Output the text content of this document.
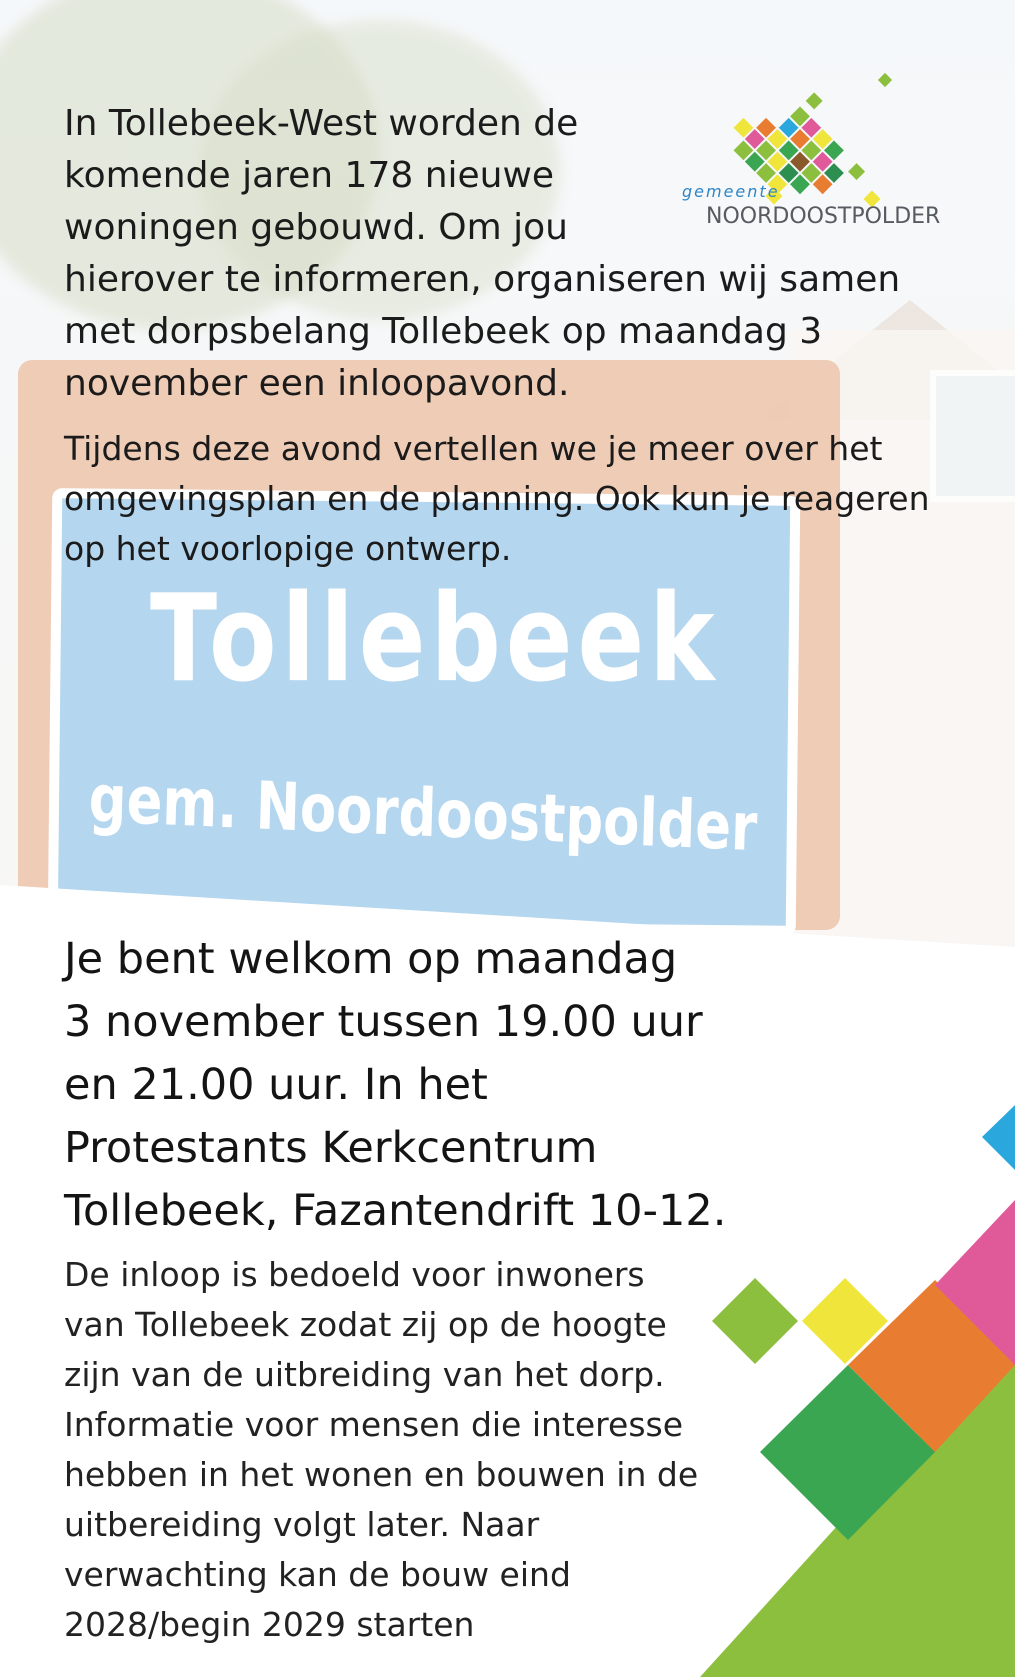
Tollebeek
gem. Noordoostpolder
gemeente
NOORDOOSTPOLDER

In Tollebeek-West worden de
komende jaren 178 nieuwe
woningen gebouwd. Om jou
hierover te informeren, organiseren wij samen
met dorpsbelang Tollebeek op maandag 3
november een inloopavond.

Tijdens deze avond vertellen we je meer over het
omgevingsplan en de planning. Ook kun je reageren
op het voorlopige ontwerp.

Je bent welkom op maandag
3 november tussen 19.00 uur
en 21.00 uur. In het
Protestants Kerkcentrum
Tollebeek, Fazantendrift 10-12.

De inloop is bedoeld voor inwoners
van Tollebeek zodat zij op de hoogte
zijn van de uitbreiding van het dorp.
Informatie voor mensen die interesse
hebben in het wonen en bouwen in de
uitbereiding volgt later. Naar
verwachting kan de bouw eind
2028/begin 2029 starten
